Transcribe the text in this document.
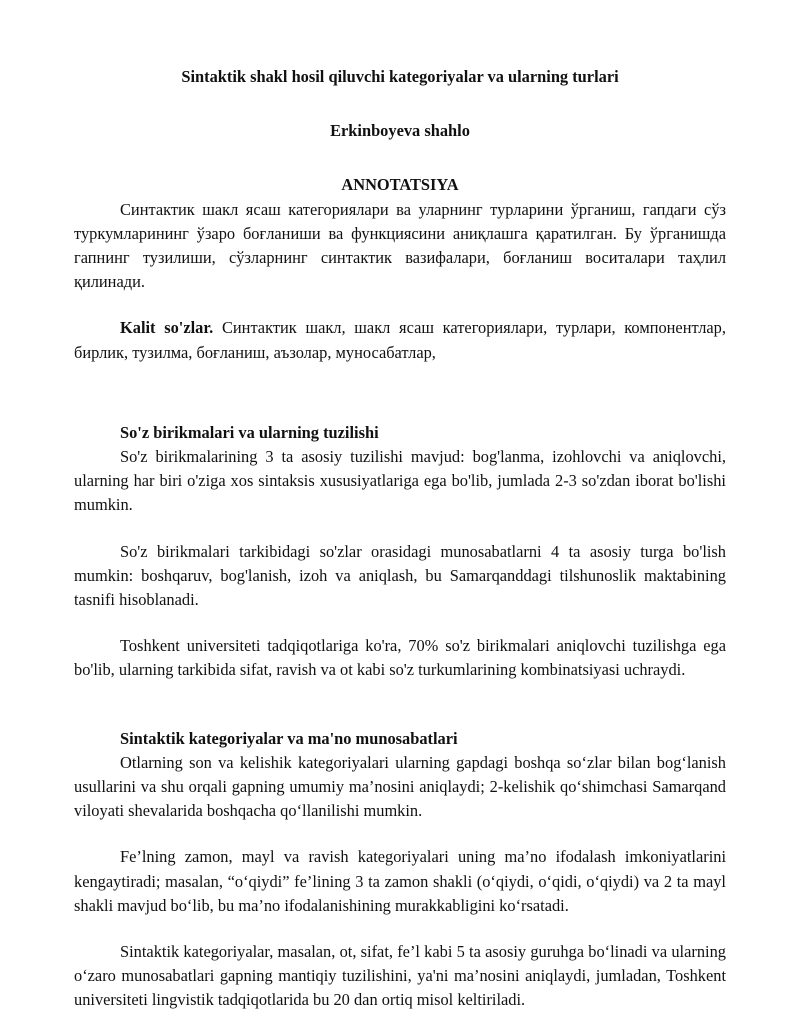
Sintaktik shakl hosil qiluvchi kategoriyalar va ularning turlari
Erkinboyeva shahlo
ANNOTATSIYA

Синтактик шакл ясаш категориялари ва уларнинг турларини ўрганиш, гапдаги сўз туркумларининг ўзаро боғланиши ва функциясини аниқлашга қаратилган. Бу ўрганишда гапнинг тузилиши, сўзларнинг синтактик вазифалари, боғланиш воситалари таҳлил қилинади.

Kalit so'zlar. Синтактик шакл, шакл ясаш категориялари, турлари, компонентлар, бирлик, тузилма, боғланиш, аъзолар, муносабатлар,

So'z birikmalari va ularning tuzilishi

So'z birikmalarining 3 ta asosiy tuzilishi mavjud: bog'lanma, izohlovchi va aniqlovchi, ularning har biri o'ziga xos sintaksis xususiyatlariga ega bo'lib, jumlada 2-3 so'zdan iborat bo'lishi mumkin.

So'z birikmalari tarkibidagi so'zlar orasidagi munosabatlarni 4 ta asosiy turga bo'lish mumkin: boshqaruv, bog'lanish, izoh va aniqlash, bu Samarqanddagi tilshunoslik maktabining tasnifi hisoblanadi.

Toshkent universiteti tadqiqotlariga ko'ra, 70% so'z birikmalari aniqlovchi tuzilishga ega bo'lib, ularning tarkibida sifat, ravish va ot kabi so'z turkumlarining kombinatsiyasi uchraydi.

Sintaktik kategoriyalar va ma'no munosabatlari

Otlarning son va kelishik kategoriyalari ularning gapdagi boshqa so‘zlar bilan bog‘lanish usullarini va shu orqali gapning umumiy ma’nosini aniqlaydi; 2-kelishik qo‘shimchasi Samarqand viloyati shevalarida boshqacha qo‘llanilishi mumkin.

Fe’lning zamon, mayl va ravish kategoriyalari uning ma’no ifodalash imkoniyatlarini kengaytiradi; masalan, “o‘qiydi” fe’lining 3 ta zamon shakli (o‘qiydi, o‘qidi, o‘qiydi) va 2 ta mayl shakli mavjud bo‘lib, bu ma’no ifodalanishining murakkabligini ko‘rsatadi.

Sintaktik kategoriyalar, masalan, ot, sifat, fe’l kabi 5 ta asosiy guruhga bo‘linadi va ularning o‘zaro munosabatlari gapning mantiqiy tuzilishini, ya'ni ma’nosini aniqlaydi, jumladan, Toshkent universiteti lingvistik tadqiqotlarida bu 20 dan ortiq misol keltiriladi.
